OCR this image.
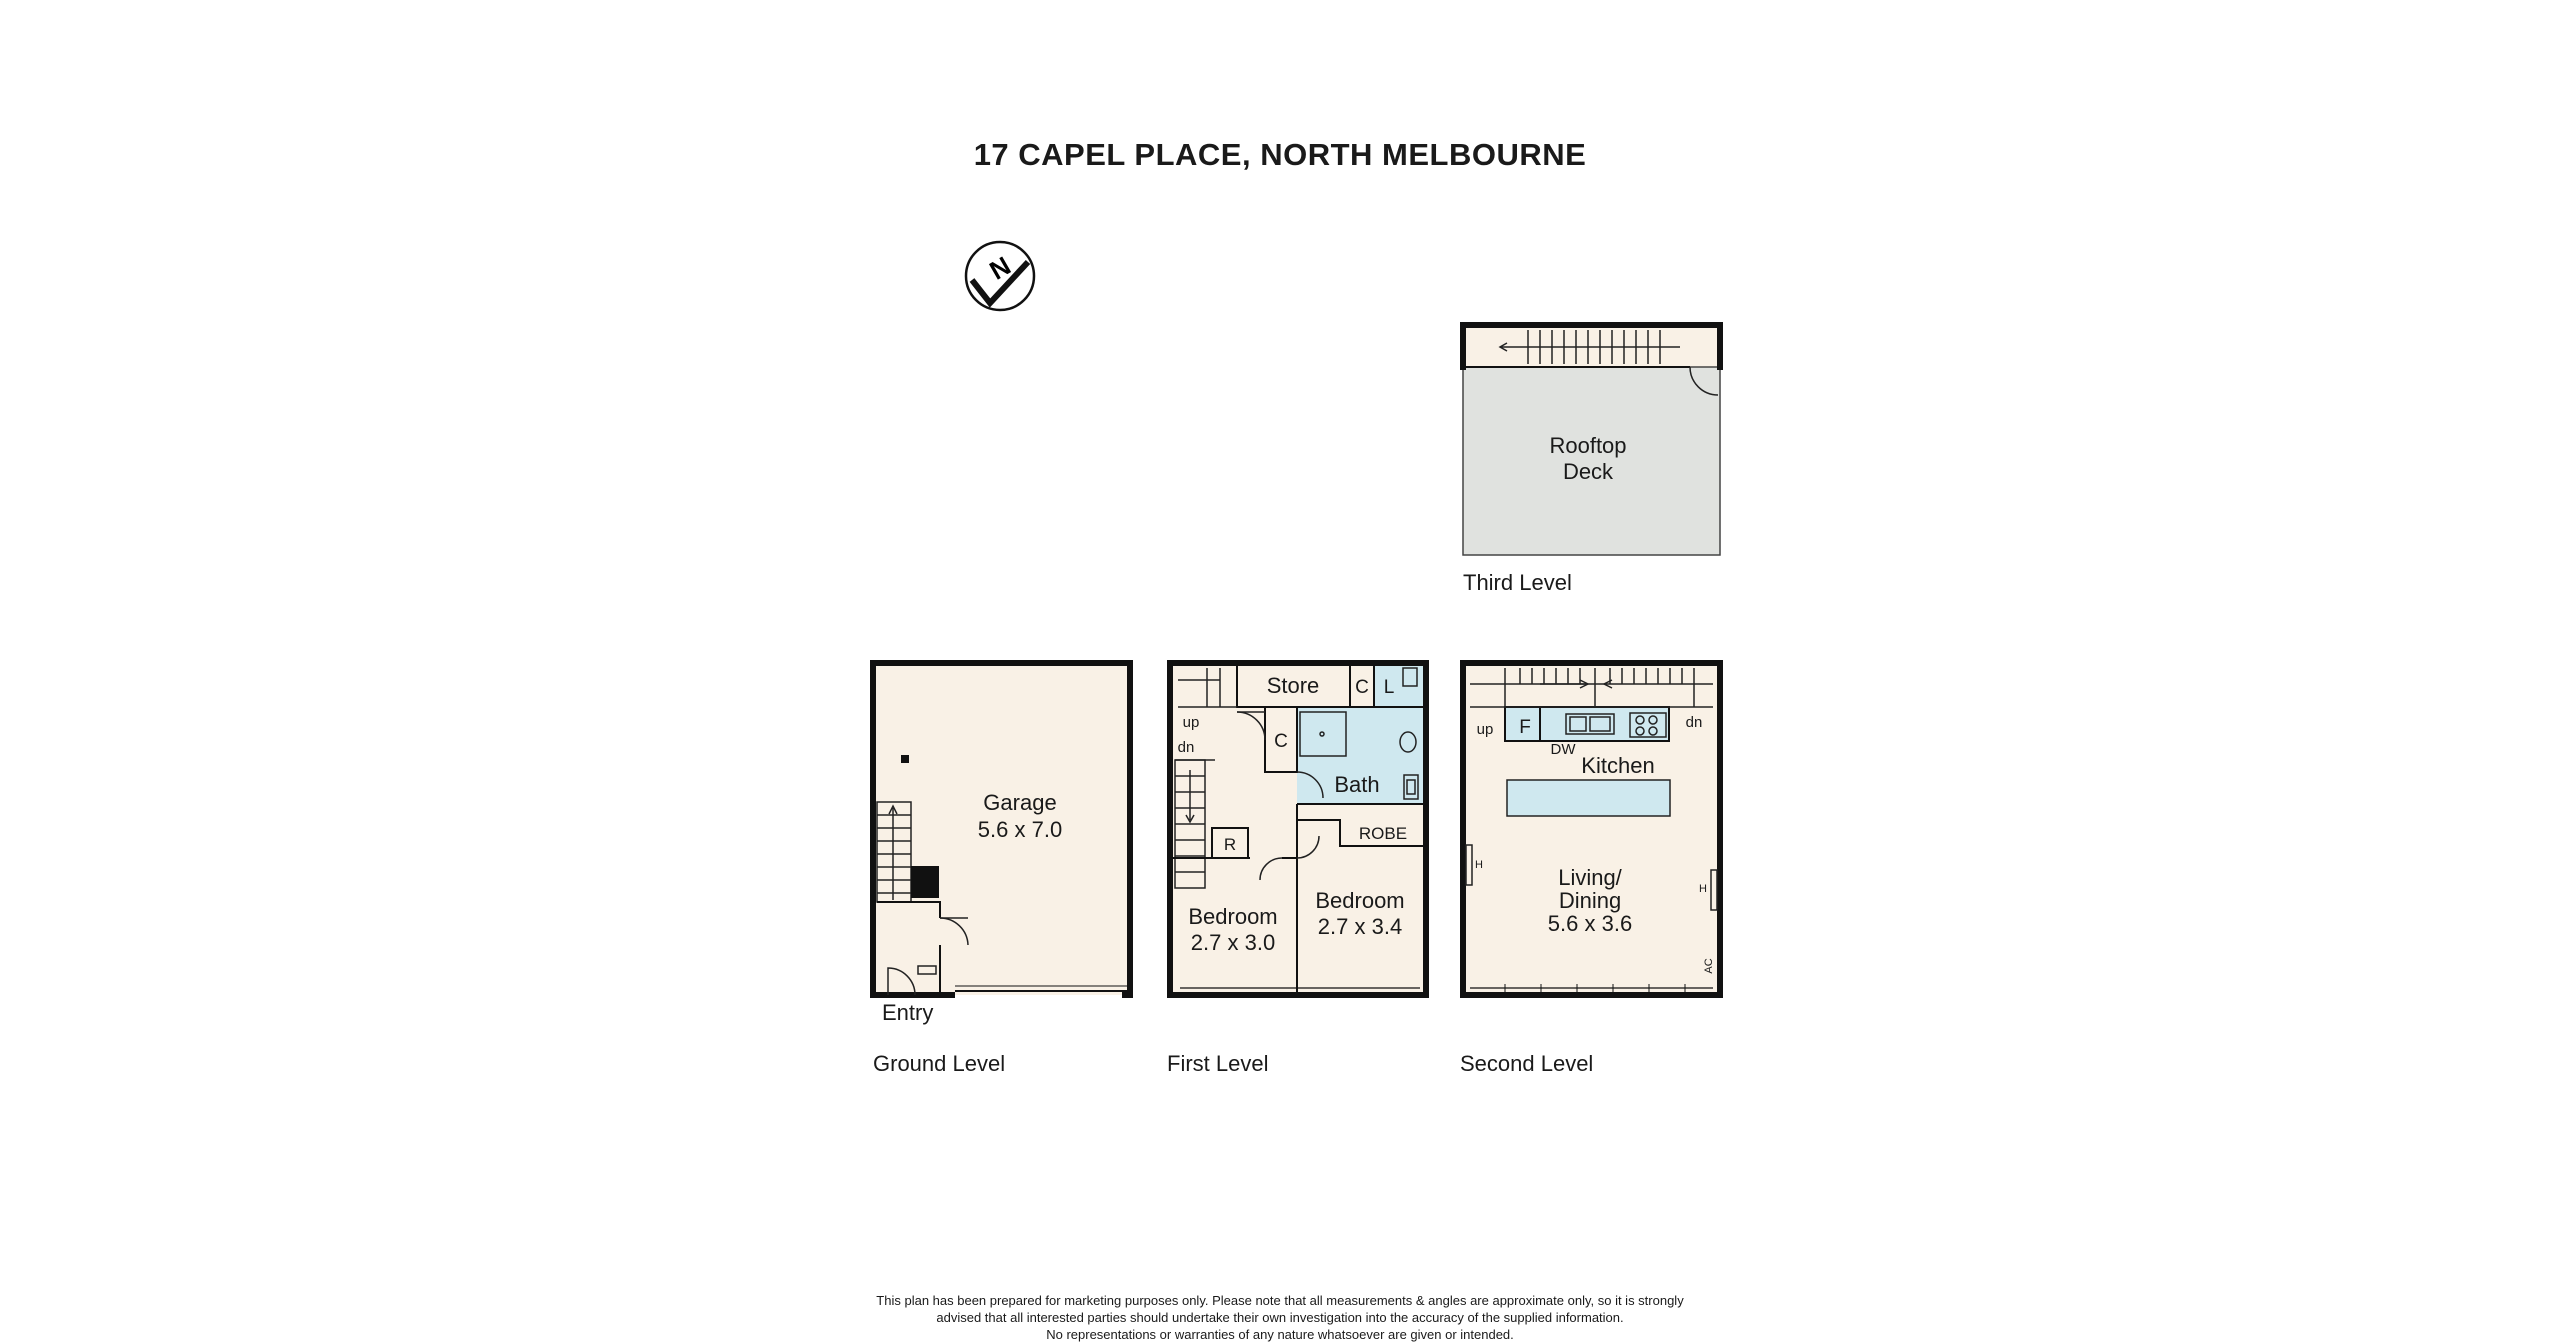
17 CAPEL PLACE, NORTH MELBOURNE
N
Garage
5.6 x 7.0
Entry
Ground Level
up
dn
Store C L
C
Bath
ROBE
R
Bedroom
2.7 x 3.0
Bedroom
2.7 x 3.4
First Level
up	dn
F
DW
Kitchen
Living/
Dining
5.6 x 3.6
H
H
AC
Second Level
Rooftop
Deck
Third Level
This plan has been prepared for marketing purposes only. Please note that all measurements & angles are approximate only, so it is strongly
advised that all interested parties should undertake their own investigation into the accuracy of the supplied information.
No representations or warranties of any nature whatsoever are given or intended.
